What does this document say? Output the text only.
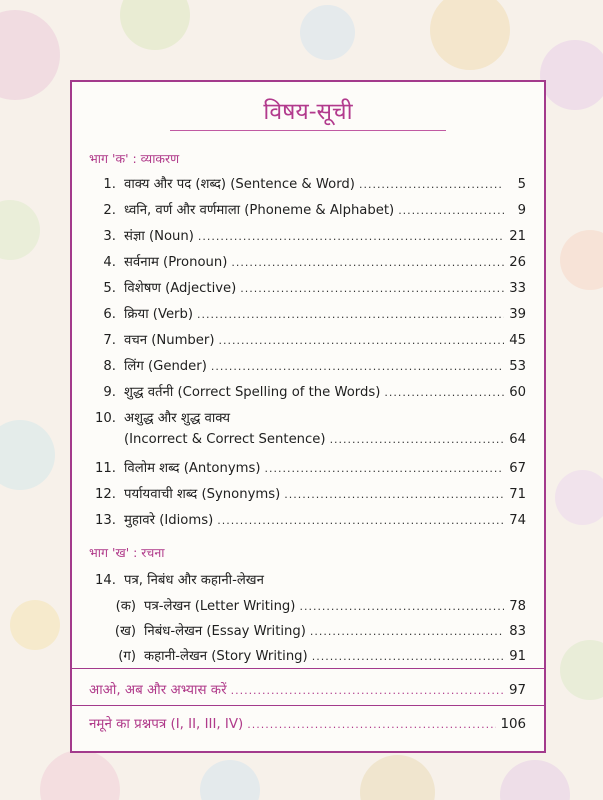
विषय-सूची
भाग 'क' : व्याकरण
1. वाक्य और पद (शब्द) (Sentence & Word) .....	5
2. ध्वनि, वर्ण और वर्णमाला (Phoneme & Alphabet) .....	9
3. संज्ञा (Noun) .....	21
4. सर्वनाम (Pronoun) .....	26
5. विशेषण (Adjective) .....	33
6. क्रिया (Verb) .....	39
7. वचन (Number) .....	45
8. लिंग (Gender) .....	53
9. शुद्ध वर्तनी (Correct Spelling of the Words) .....	60
10. अशुद्ध और शुद्ध वाक्य
(Incorrect & Correct Sentence) .....	64
11. विलोम शब्द (Antonyms) .....	67
12. पर्यायवाची शब्द (Synonyms) .....	71
13. मुहावरे (Idioms) .....	74
भाग 'ख' : रचना
14. पत्र, निबंध और कहानी-लेखन
(क) पत्र-लेखन (Letter Writing) .....	78
(ख) निबंध-लेखन (Essay Writing) .....	83
(ग) कहानी-लेखन (Story Writing) .....	91
आओ, अब और अभ्यास करें .....	97
नमूने का प्रश्नपत्र (I, II, III, IV) .....	106
